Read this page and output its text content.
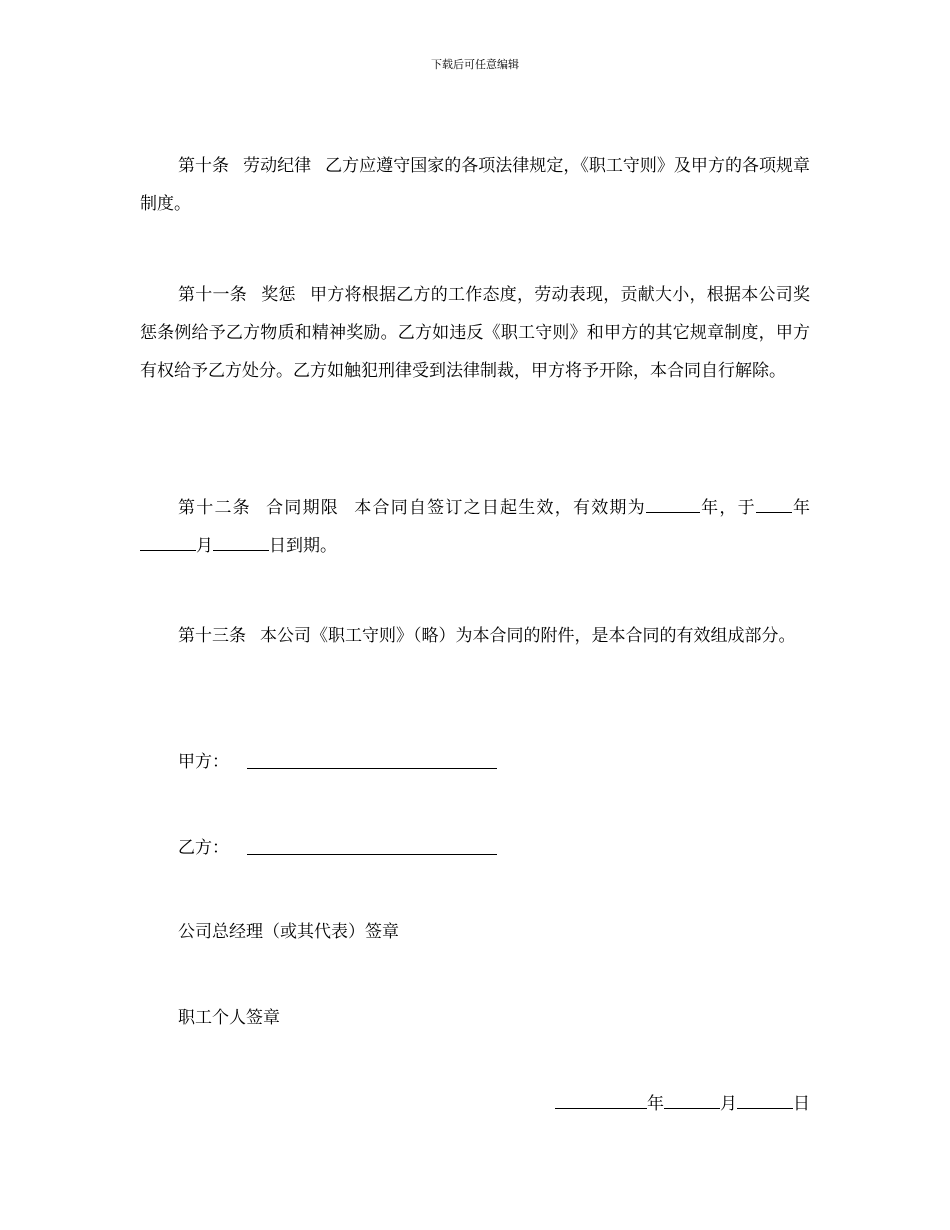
下载后可任意编辑

第十条 劳动纪律 乙方应遵守国家的各项法律规定，《职工守则》及甲方的各项规章制度。

第十一条 奖惩 甲方将根据乙方的工作态度，劳动表现，贡献大小，根据本公司奖惩条例给予乙方物质和精神奖励。乙方如违反《职工守则》和甲方的其它规章制度，甲方有权给予乙方处分。乙方如触犯刑律受到法律制裁，甲方将予开除，本合同自行解除。

第十二条 合同期限 本合同自签订之日起生效，有效期为	年，于 年月	日到期。

第十三条 本公司《职工守则》（略）为本合同的附件，是本合同的有效组成部分。

甲方：
乙方：
公司总经理（或其代表）签章
职工个人签章
年	月	日
